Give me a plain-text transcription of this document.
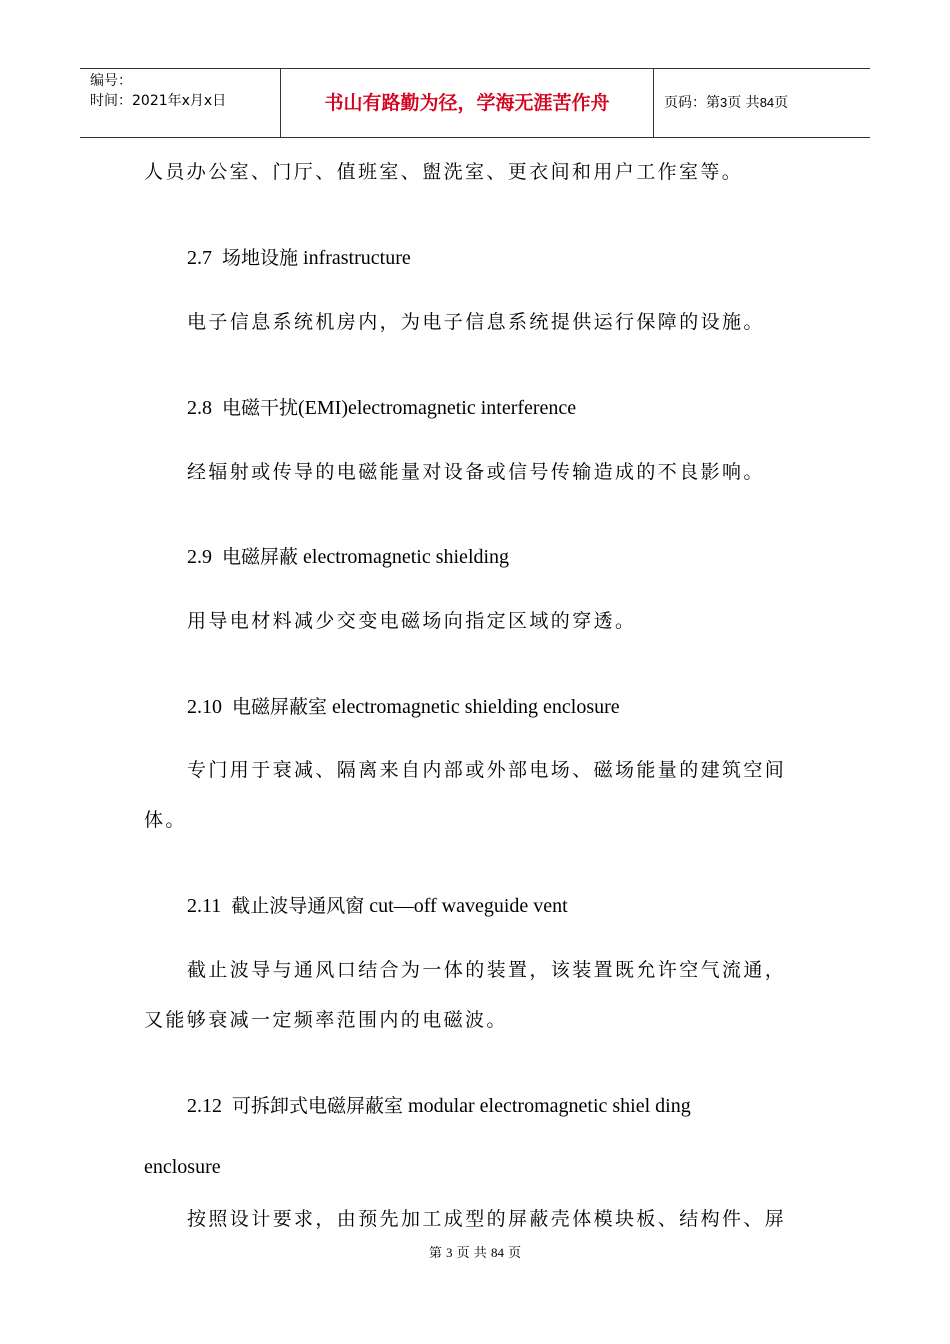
编号：
时间：2021年x月x日	书山有路勤为径，学海无涯苦作舟	页码：第3页 共84页
人员办公室、门厅、值班室、盥洗室、更衣间和用户工作室等。
2.7 场地设施 infrastructure
电子信息系统机房内，为电子信息系统提供运行保障的设施。
2.8 电磁干扰(EMI)electromagnetic interference
经辐射或传导的电磁能量对设备或信号传输造成的不良影响。
2.9 电磁屏蔽 electromagnetic shielding
用导电材料减少交变电磁场向指定区域的穿透。
2.10 电磁屏蔽室 electromagnetic shielding enclosure
专门用于衰减、隔离来自内部或外部电场、磁场能量的建筑空间
体。
2.11 截止波导通风窗 cut—off waveguide vent
截止波导与通风口结合为一体的装置，该装置既允许空气流通，
又能够衰减一定频率范围内的电磁波。
2.12 可拆卸式电磁屏蔽室 modular electromagnetic shiel ding
enclosure
按照设计要求，由预先加工成型的屏蔽壳体模块板、结构件、屏
第 3 页 共 84 页
